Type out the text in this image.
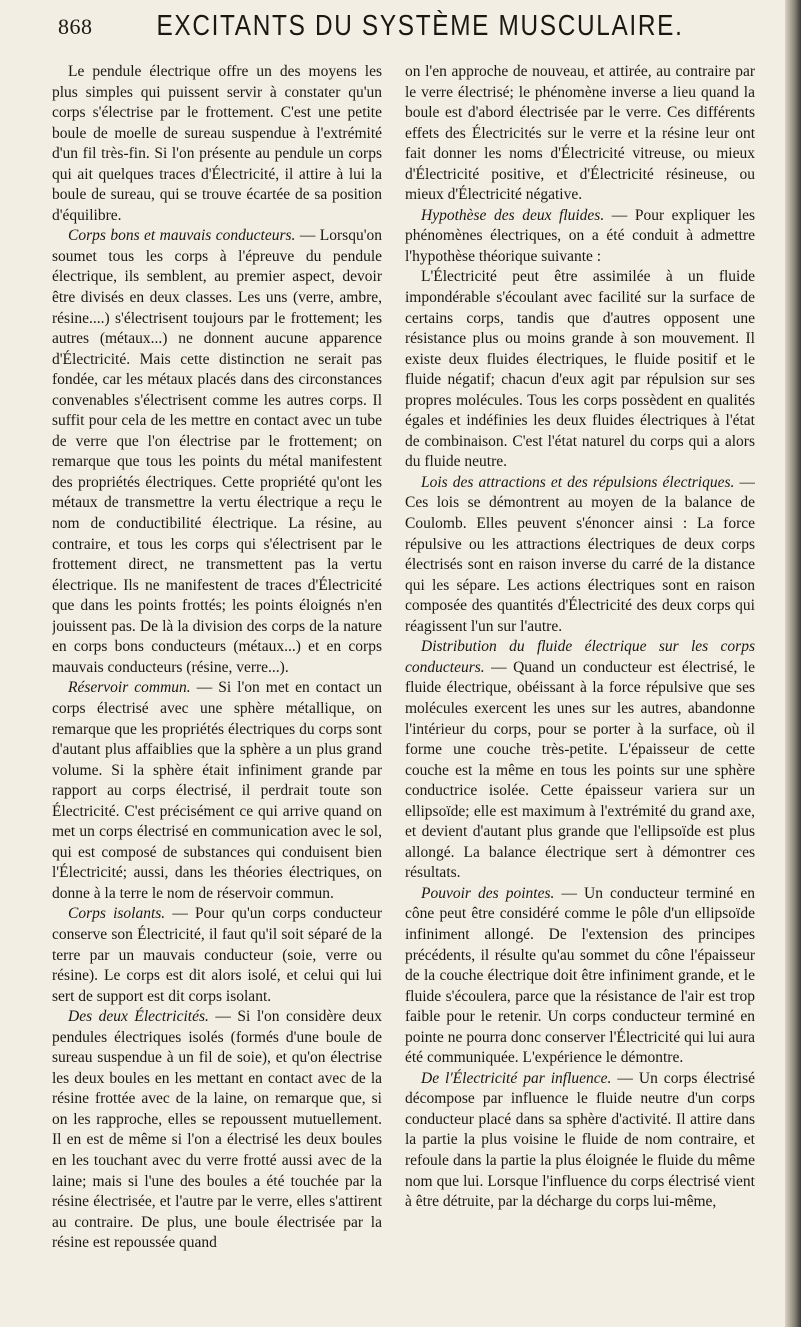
868 EXCITANTS DU SYSTÈME MUSCULAIRE.

Le pendule électrique offre un des moyens les plus simples qui puissent servir à constater qu'un corps s'électrise par le frottement. C'est une petite boule de moelle de sureau suspendue à l'extrémité d'un fil très-fin. Si l'on présente au pendule un corps qui ait quelques traces d'Électricité, il attire à lui la boule de sureau, qui se trouve écartée de sa position d'équilibre.

Corps bons et mauvais conducteurs. — Lorsqu'on soumet tous les corps à l'épreuve du pendule électrique, ils semblent, au premier aspect, devoir être divisés en deux classes. Les uns (verre, ambre, résine....) s'électrisent toujours par le frottement; les autres (métaux...) ne donnent aucune apparence d'Électricité. Mais cette distinction ne serait pas fondée, car les métaux placés dans des circonstances convenables s'électrisent comme les autres corps. Il suffit pour cela de les mettre en contact avec un tube de verre que l'on électrise par le frottement; on remarque que tous les points du métal manifestent des propriétés électriques. Cette propriété qu'ont les métaux de transmettre la vertu électrique a reçu le nom de conductibilité électrique. La résine, au contraire, et tous les corps qui s'électrisent par le frottement direct, ne transmettent pas la vertu électrique. Ils ne manifestent de traces d'Électricité que dans les points frottés; les points éloignés n'en jouissent pas. De là la division des corps de la nature en corps bons conducteurs (métaux...) et en corps mauvais conducteurs (résine, verre...).

Réservoir commun. — Si l'on met en contact un corps électrisé avec une sphère métallique, on remarque que les propriétés électriques du corps sont d'autant plus affaiblies que la sphère a un plus grand volume. Si la sphère était infiniment grande par rapport au corps électrisé, il perdrait toute son Électricité. C'est précisément ce qui arrive quand on met un corps électrisé en communication avec le sol, qui est composé de substances qui conduisent bien l'Électricité; aussi, dans les théories électriques, on donne à la terre le nom de réservoir commun.

Corps isolants. — Pour qu'un corps conducteur conserve son Électricité, il faut qu'il soit séparé de la terre par un mauvais conducteur (soie, verre ou résine). Le corps est dit alors isolé, et celui qui lui sert de support est dit corps isolant.

Des deux Électricités. — Si l'on considère deux pendules électriques isolés (formés d'une boule de sureau suspendue à un fil de soie), et qu'on électrise les deux boules en les mettant en contact avec de la résine frottée avec de la laine, on remarque que, si on les rapproche, elles se repoussent mutuellement. Il en est de même si l'on a électrisé les deux boules en les touchant avec du verre frotté aussi avec de la laine; mais si l'une des boules a été touchée par la résine électrisée, et l'autre par le verre, elles s'attirent au contraire. De plus, une boule électrisée par la résine est repoussée quand

on l'en approche de nouveau, et attirée, au contraire par le verre électrisé; le phénomène inverse a lieu quand la boule est d'abord électrisée par le verre. Ces différents effets des Électricités sur le verre et la résine leur ont fait donner les noms d'Électricité vitreuse, ou mieux d'Électricité positive, et d'Électricité résineuse, ou mieux d'Électricité négative.

Hypothèse des deux fluides. — Pour expliquer les phénomènes électriques, on a été conduit à admettre l'hypothèse théorique suivante :

L'Électricité peut être assimilée à un fluide impondérable s'écoulant avec facilité sur la surface de certains corps, tandis que d'autres opposent une résistance plus ou moins grande à son mouvement. Il existe deux fluides électriques, le fluide positif et le fluide négatif; chacun d'eux agit par répulsion sur ses propres molécules. Tous les corps possèdent en qualités égales et indéfinies les deux fluides électriques à l'état de combinaison. C'est l'état naturel du corps qui a alors du fluide neutre.

Lois des attractions et des répulsions électriques. — Ces lois se démontrent au moyen de la balance de Coulomb. Elles peuvent s'énoncer ainsi : La force répulsive ou les attractions électriques de deux corps électrisés sont en raison inverse du carré de la distance qui les sépare. Les actions électriques sont en raison composée des quantités d'Électricité des deux corps qui réagissent l'un sur l'autre.

Distribution du fluide électrique sur les corps conducteurs. — Quand un conducteur est électrisé, le fluide électrique, obéissant à la force répulsive que ses molécules exercent les unes sur les autres, abandonne l'intérieur du corps, pour se porter à la surface, où il forme une couche très-petite. L'épaisseur de cette couche est la même en tous les points sur une sphère conductrice isolée. Cette épaisseur variera sur un ellipsoïde; elle est maximum à l'extrémité du grand axe, et devient d'autant plus grande que l'ellipsoïde est plus allongé. La balance électrique sert à démontrer ces résultats.

Pouvoir des pointes. — Un conducteur terminé en cône peut être considéré comme le pôle d'un ellipsoïde infiniment allongé. De l'extension des principes précédents, il résulte qu'au sommet du cône l'épaisseur de la couche électrique doit être infiniment grande, et le fluide s'écoulera, parce que la résistance de l'air est trop faible pour le retenir. Un corps conducteur terminé en pointe ne pourra donc conserver l'Électricité qui lui aura été communiquée. L'expérience le démontre.

De l'Électricité par influence. — Un corps électrisé décompose par influence le fluide neutre d'un corps conducteur placé dans sa sphère d'activité. Il attire dans la partie la plus voisine le fluide de nom contraire, et refoule dans la partie la plus éloignée le fluide du même nom que lui. Lorsque l'influence du corps électrisé vient à être détruite, par la décharge du corps lui-même,
